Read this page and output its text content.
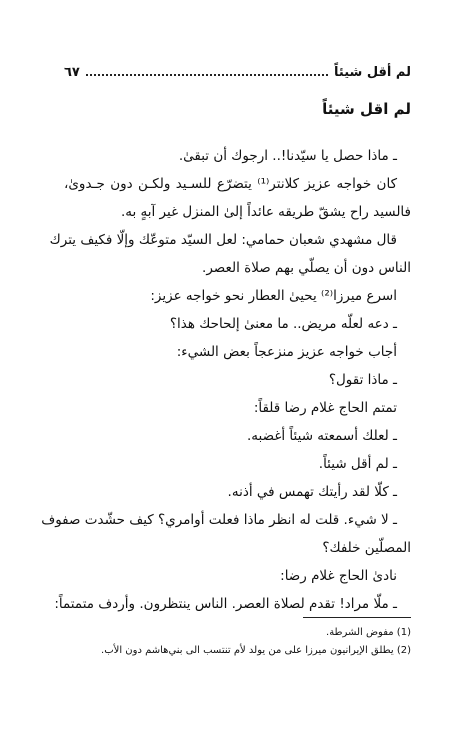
لم أقل شيئاً
٦٧
لم اقل شيئاً
ـ ماذا حصل يا سيّدنا!.. ارجوك أن تبقىٰ.
كان خواجه عزيز كلانتر⁽¹⁾ يتضرّع للسـيد ولكـن دون جـدوىٰ،
فالسيد راح يشقّ طريقه عائداً إلىٰ المنزل غير آبهٍ به.
قال مشهدي شعبان حمامي: لعل السيّد متوعّك وإلّا فكيف يترك
الناس دون أن يصلّي بهم صلاة العصر.
اسرع ميرزا⁽²⁾ يحيىٰ العطار نحو خواجه عزيز:
ـ دعه لعلّه مريض.. ما معنىٰ إلحاحك هذا؟
أجاب خواجه عزيز منزعجاً بعض الشيء:
ـ ماذا تقول؟
تمتم الحاج غلام رضا قلقاً:
ـ لعلك أسمعته شيئاً أغضبه.
ـ لم أقل شيئاً.
ـ كلّا لقد رأيتك تهمس في أذنه.
ـ لا شيء. قلت له انظر ماذا فعلت أوامري؟ كيف حشّدت صفوف
المصلّين خلفك؟
نادىٰ الحاج غلام رضا:
ـ ملّا مراد! تقدم لصلاة العصر. الناس ينتظرون. وأردف متمتماً:
(1) مفوض الشرطة.
(2) يطلق الإيرانيون ميرزا على من يولد لأم تنتسب الى بني‌هاشم دون الأب.
